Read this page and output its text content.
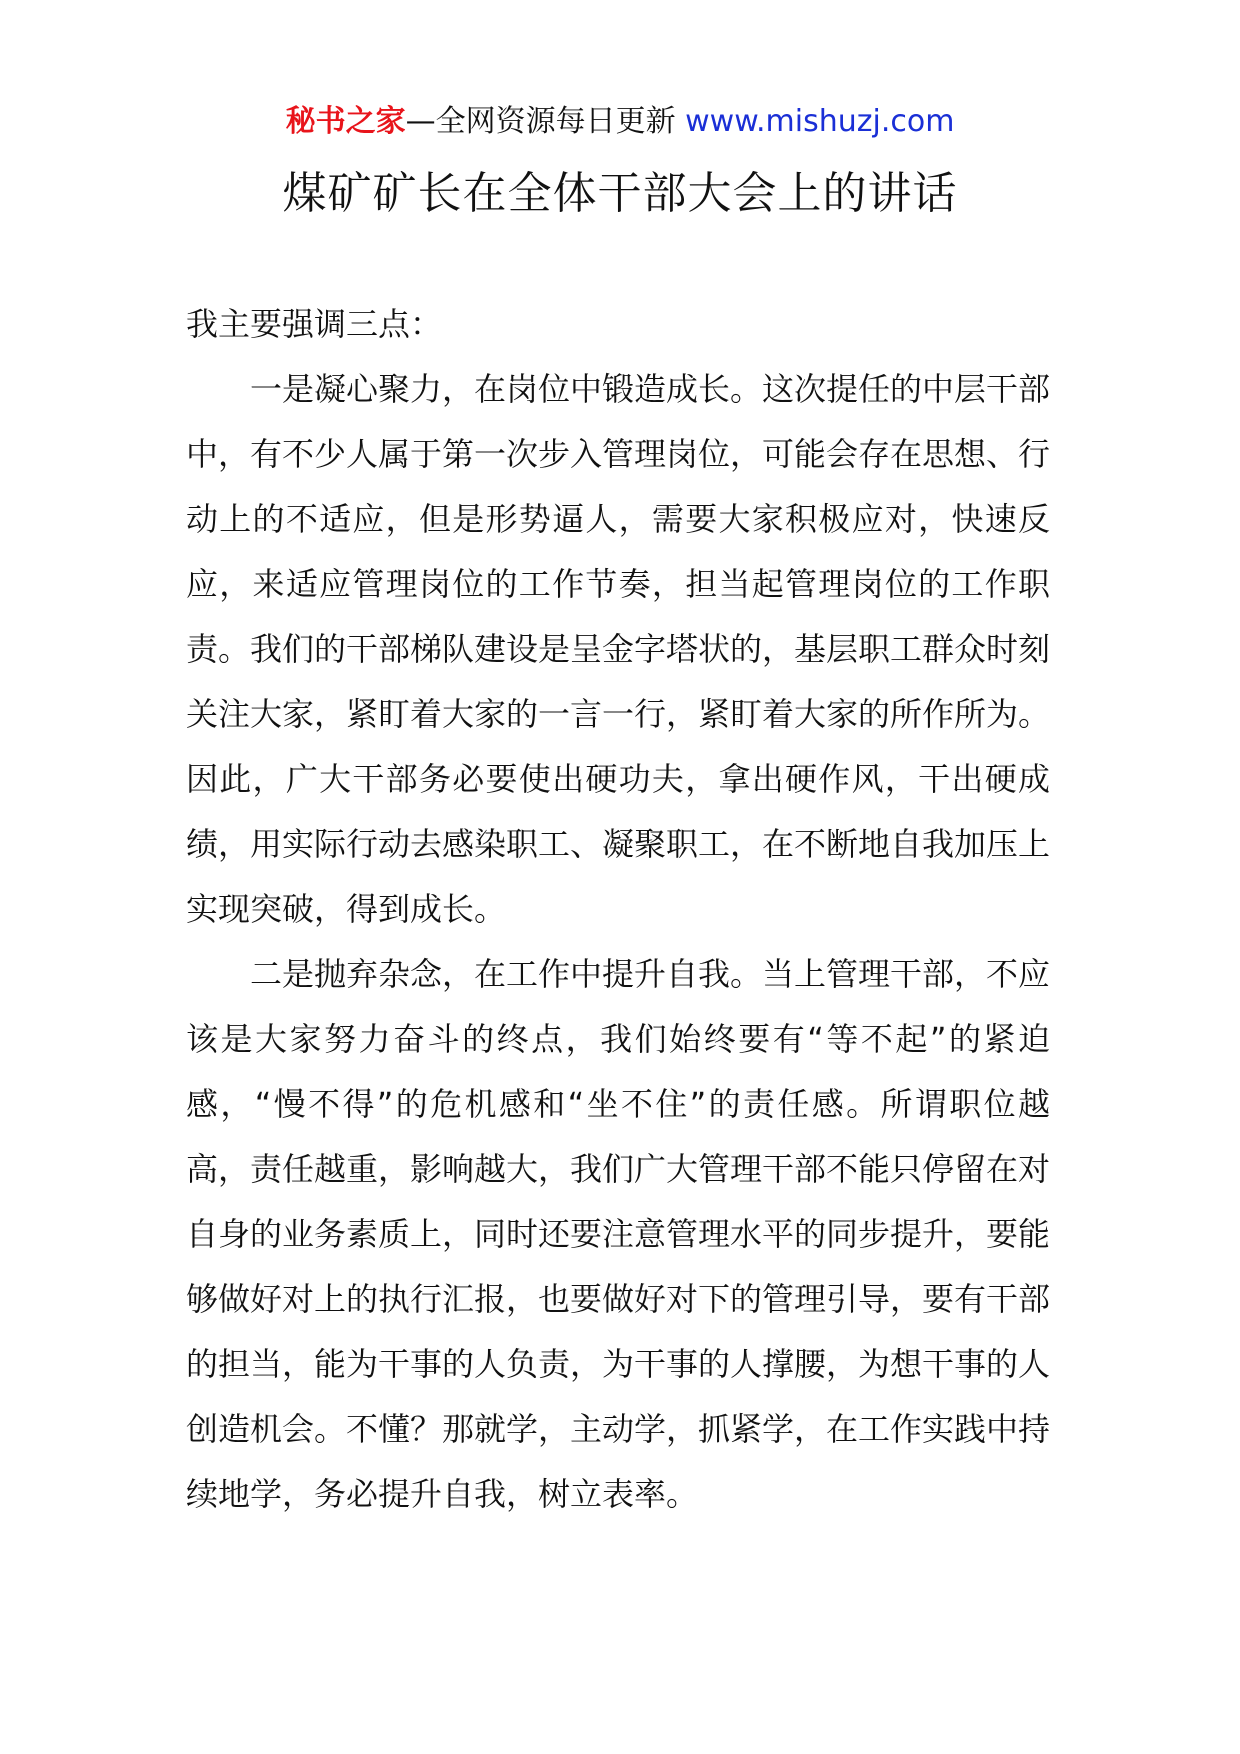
秘书之家—全网资源每日更新 www.mishuzj.com
煤矿矿长在全体干部大会上的讲话

我主要强调三点：

一是凝心聚力，在岗位中锻造成长。这次提任的中层干部中，有不少人属于第一次步入管理岗位，可能会存在思想、行动上的不适应，但是形势逼人，需要大家积极应对，快速反应，来适应管理岗位的工作节奏，担当起管理岗位的工作职责。我们的干部梯队建设是呈金字塔状的，基层职工群众时刻关注大家，紧盯着大家的一言一行，紧盯着大家的所作所为。因此，广大干部务必要使出硬功夫，拿出硬作风，干出硬成绩，用实际行动去感染职工、凝聚职工，在不断地自我加压上实现突破，得到成长。

二是抛弃杂念，在工作中提升自我。当上管理干部，不应该是大家努力奋斗的终点，我们始终要有“等不起”的紧迫感，“慢不得”的危机感和“坐不住”的责任感。所谓职位越高，责任越重，影响越大，我们广大管理干部不能只停留在对自身的业务素质上，同时还要注意管理水平的同步提升，要能够做好对上的执行汇报，也要做好对下的管理引导，要有干部的担当，能为干事的人负责，为干事的人撑腰，为想干事的人创造机会。不懂？那就学，主动学，抓紧学，在工作实践中持续地学，务必提升自我，树立表率。
